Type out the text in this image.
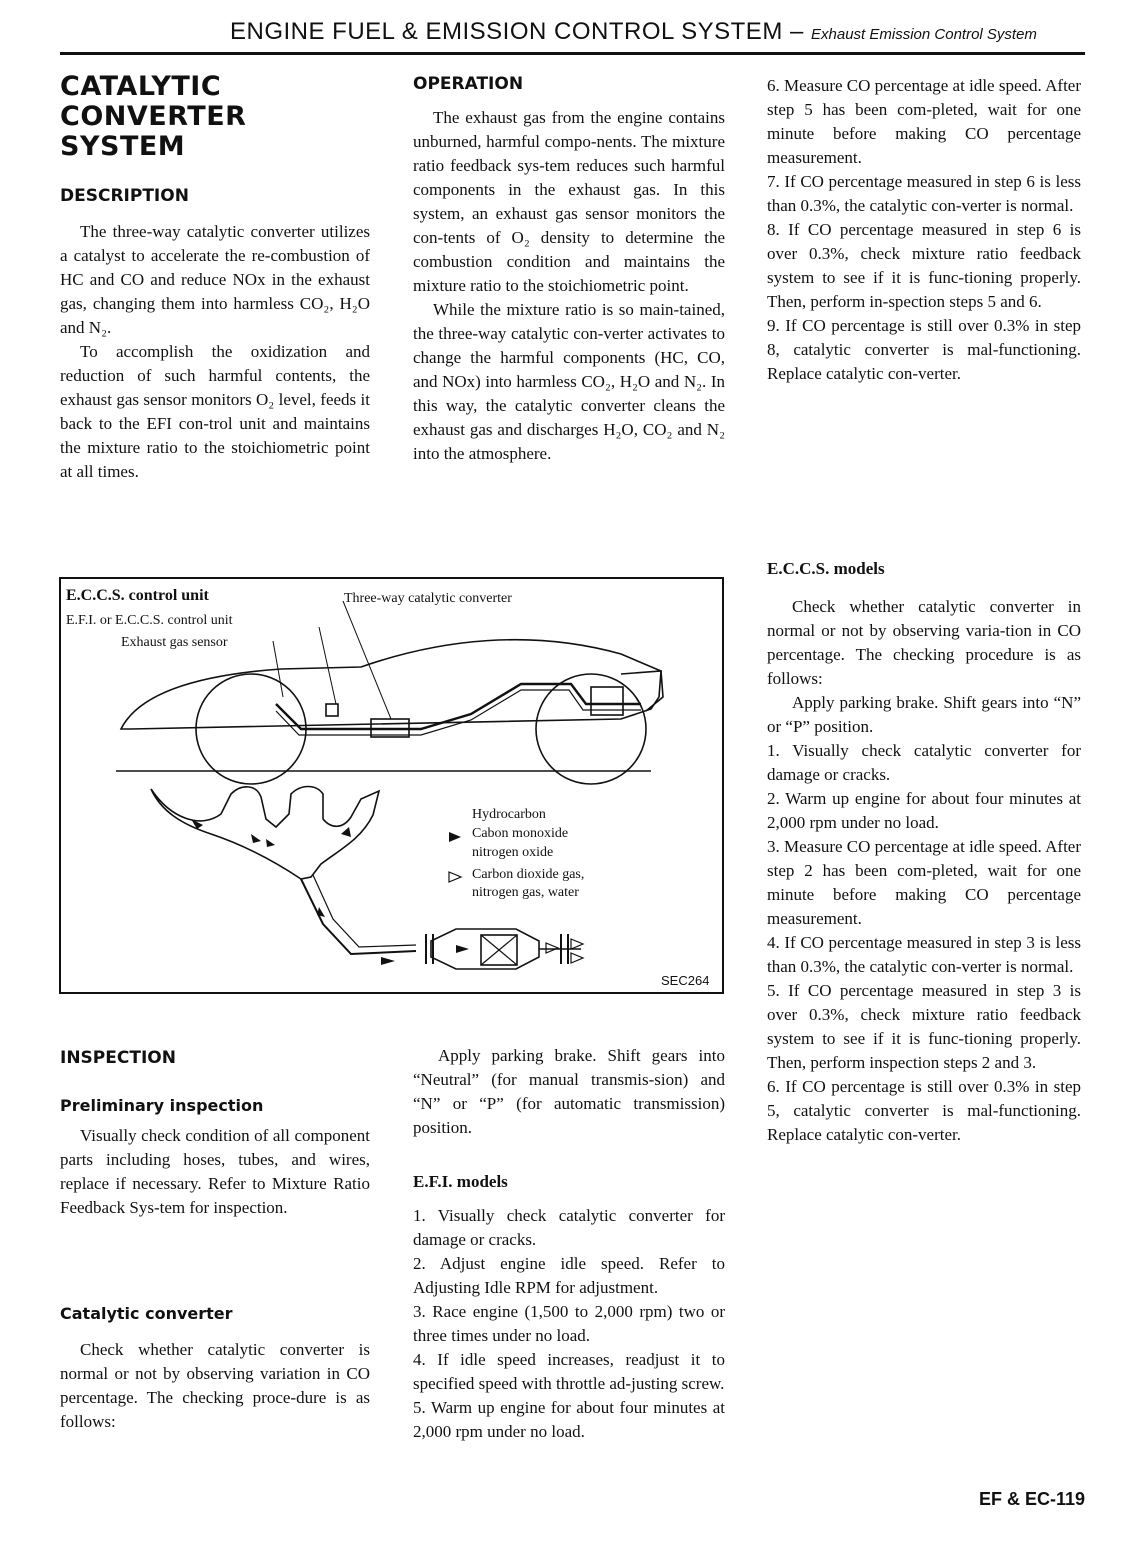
ENGINE FUEL & EMISSION CONTROL SYSTEM – Exhaust Emission Control System

CATALYTIC

CONVERTER

SYSTEM

DESCRIPTION

The three-way catalytic converter utilizes a catalyst to accelerate the re-combustion of HC and CO and reduce NOx in the exhaust gas, changing them into harmless CO₂, H₂O and N₂.

To accomplish the oxidization and reduction of such harmful contents, the exhaust gas sensor monitors O₂ level, feeds it back to the EFI con-trol unit and maintains the mixture ratio to the stoichiometric point at all times.

OPERATION

The exhaust gas from the engine contains unburned, harmful compo-nents. The mixture ratio feedback sys-tem reduces such harmful components in the exhaust gas. In this system, an exhaust gas sensor monitors the con-tents of O₂ density to determine the combustion condition and maintains the mixture ratio to the stoichiometric point.

While the mixture ratio is so main-tained, the three-way catalytic con-verter activates to change the harmful components (HC, CO, and NOx) into harmless CO₂, H₂O and N₂. In this way, the catalytic converter cleans the exhaust gas and discharges H₂O, CO₂ and N₂ into the atmosphere.

6. Measure CO percentage at idle speed. After step 5 has been com-pleted, wait for one minute before making CO percentage measurement.

7. If CO percentage measured in step 6 is less than 0.3%, the catalytic con-verter is normal.

8. If CO percentage measured in step 6 is over 0.3%, check mixture ratio feedback system to see if it is func-tioning properly. Then, perform in-spection steps 5 and 6.

9. If CO percentage is still over 0.3% in step 8, catalytic converter is mal-functioning. Replace catalytic con-verter.

E.C.C.S. control unit
E.F.I. or E.C.C.S. control unit
Exhaust gas sensor
Three-way catalytic converter
Hydrocarbon
Cabon monoxide
nitrogen oxide
Carbon dioxide gas,
nitrogen gas, water
SEC264

INSPECTION

Preliminary inspection

Visually check condition of all component parts including hoses, tubes, and wires, replace if necessary. Refer to Mixture Ratio Feedback Sys-tem for inspection.

Catalytic converter

Check whether catalytic converter is normal or not by observing variation in CO percentage. The checking proce-dure is as follows:

Apply parking brake. Shift gears into “Neutral” (for manual transmis-sion) and “N” or “P” (for automatic transmission) position.

E.F.I. models

1. Visually check catalytic converter for damage or cracks.

2. Adjust engine idle speed. Refer to Adjusting Idle RPM for adjustment.

3. Race engine (1,500 to 2,000 rpm) two or three times under no load.

4. If idle speed increases, readjust it to specified speed with throttle ad-justing screw.

5. Warm up engine for about four minutes at 2,000 rpm under no load.

E.C.C.S. models

Check whether catalytic converter in normal or not by observing varia-tion in CO percentage. The checking procedure is as follows:

Apply parking brake. Shift gears into “N” or “P” position.

1. Visually check catalytic converter for damage or cracks.

2. Warm up engine for about four minutes at 2,000 rpm under no load.

3. Measure CO percentage at idle speed. After step 2 has been com-pleted, wait for one minute before making CO percentage measurement.

4. If CO percentage measured in step 3 is less than 0.3%, the catalytic con-verter is normal.

5. If CO percentage measured in step 3 is over 0.3%, check mixture ratio feedback system to see if it is func-tioning properly. Then, perform inspection steps 2 and 3.

6. If CO percentage is still over 0.3% in step 5, catalytic converter is mal-functioning. Replace catalytic con-verter.

EF & EC-119
